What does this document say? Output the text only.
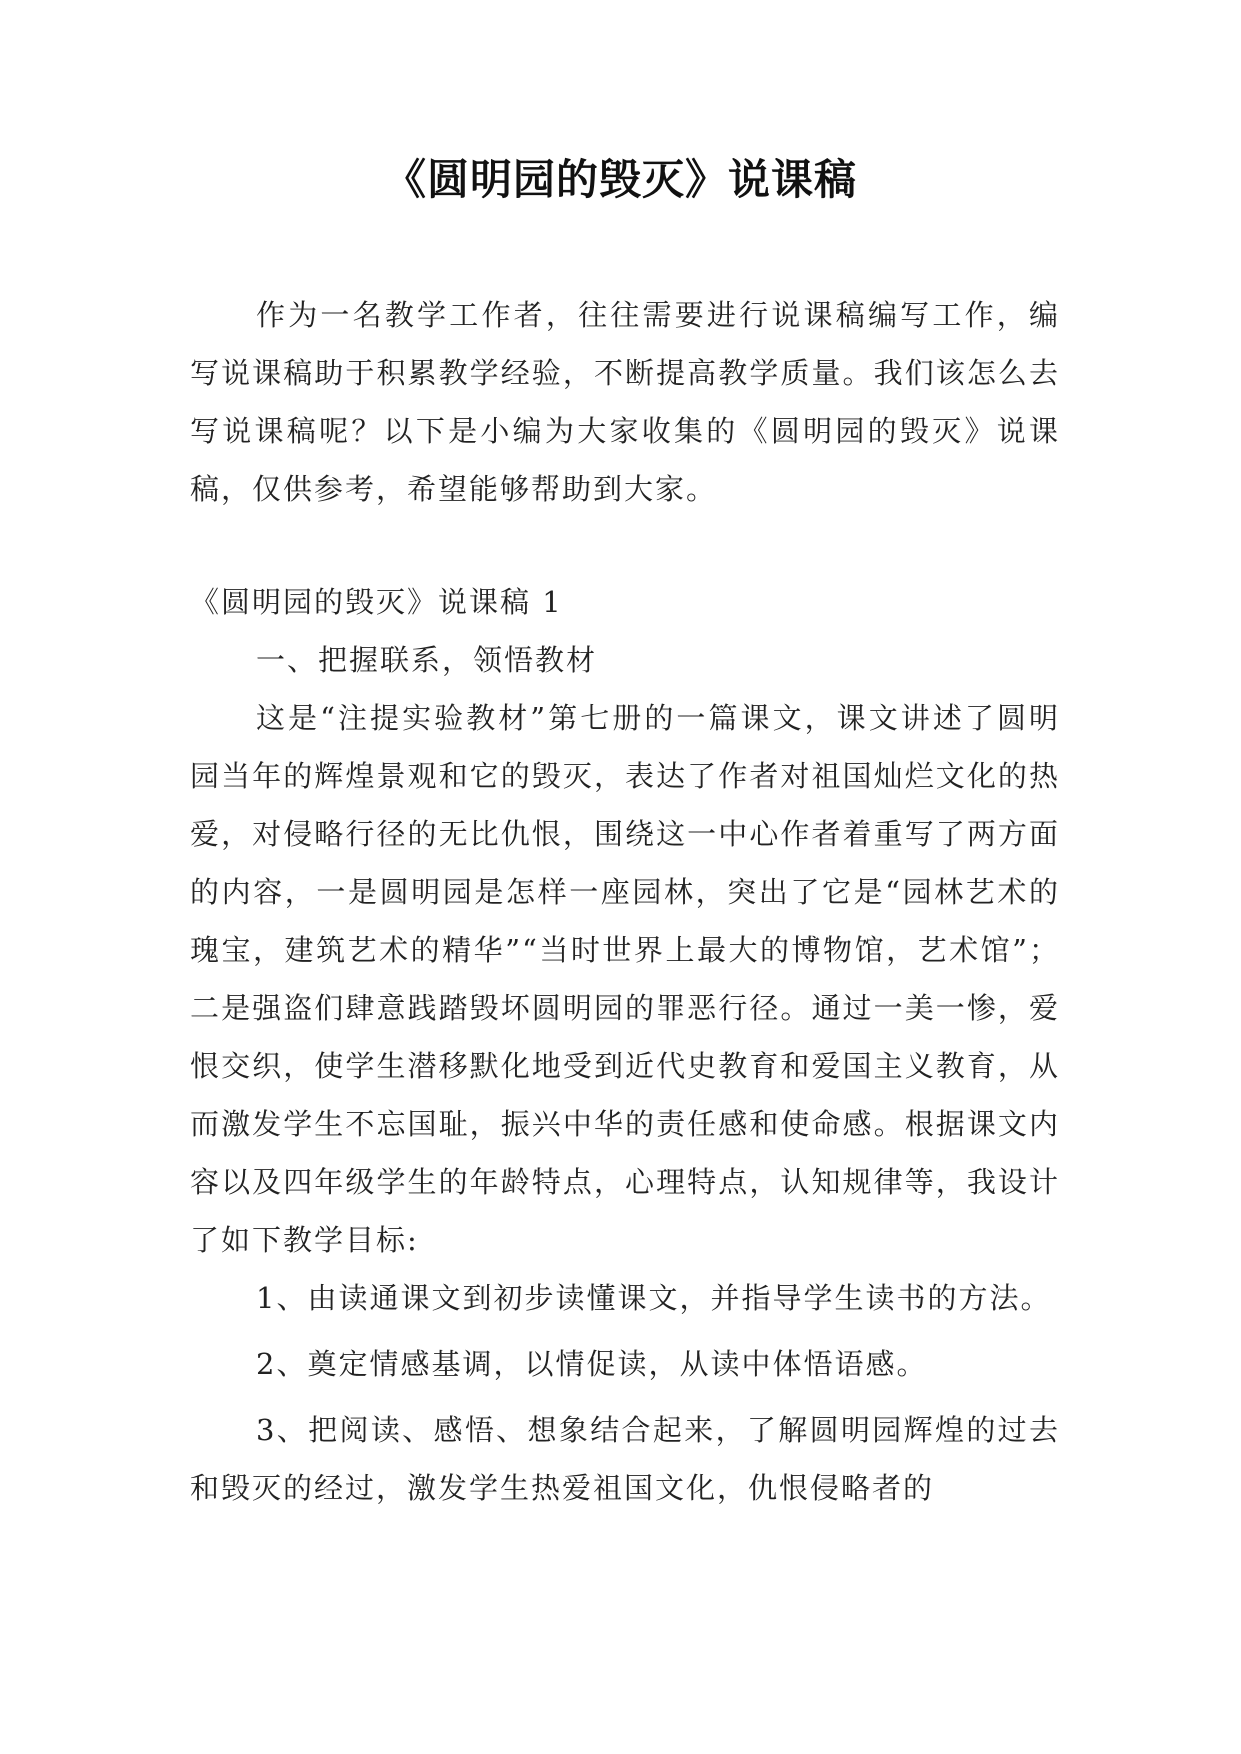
《圆明园的毁灭》说课稿

作为一名教学工作者，往往需要进行说课稿编写工作，编写说课稿助于积累教学经验，不断提高教学质量。我们该怎么去写说课稿呢？以下是小编为大家收集的《圆明园的毁灭》说课稿，仅供参考，希望能够帮助到大家。

《圆明园的毁灭》说课稿 1

一、把握联系，领悟教材

这是“注提实验教材”第七册的一篇课文，课文讲述了圆明园当年的辉煌景观和它的毁灭，表达了作者对祖国灿烂文化的热爱，对侵略行径的无比仇恨，围绕这一中心作者着重写了两方面的内容，一是圆明园是怎样一座园林，突出了它是“园林艺术的瑰宝，建筑艺术的精华”“当时世界上最大的博物馆，艺术馆”；二是强盗们肆意践踏毁坏圆明园的罪恶行径。通过一美一惨，爱恨交织，使学生潜移默化地受到近代史教育和爱国主义教育，从而激发学生不忘国耻，振兴中华的责任感和使命感。根据课文内容以及四年级学生的年龄特点，心理特点，认知规律等，我设计了如下教学目标:

1、由读通课文到初步读懂课文，并指导学生读书的方法。

2、奠定情感基调，以情促读，从读中体悟语感。

3、把阅读、感悟、想象结合起来，了解圆明园辉煌的过去和毁灭的经过，激发学生热爱祖国文化，仇恨侵略者的
